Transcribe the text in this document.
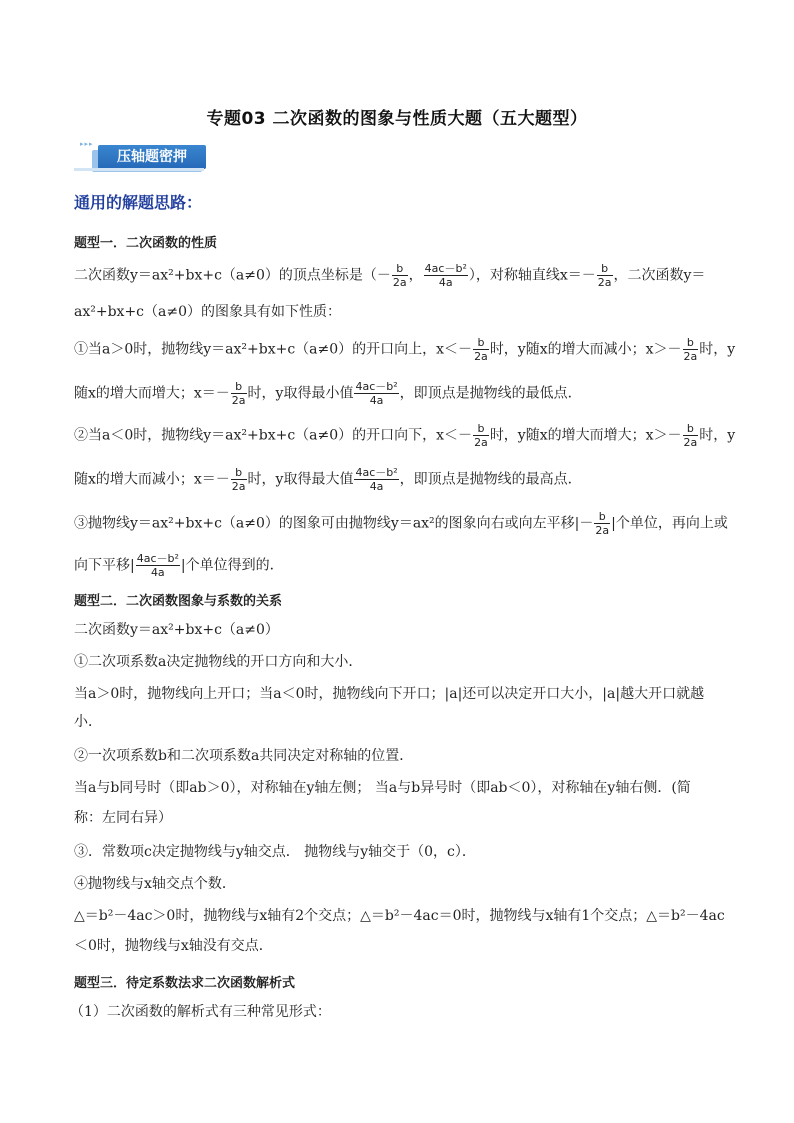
专题03 二次函数的图象与性质大题（五大题型）
▸▸▸
压轴题密押
通用的解题思路：
题型一．二次函数的性质
二次函数y＝ax²+bx+c（a≠0）的顶点坐标是（－ $\frac{b}{2a}$ ， $\frac{\text{4ac－b²}}{4a}$ ），对称轴直线$x=- \frac{b}{2a}$ ，二次函数y＝
ax²+bx+c（a≠0）的图象具有如下性质：
①当a＞0时，抛物线y＝ax²+bx+c（a≠0）的开口向上，$x<- \frac{b}{2a}$ 时，y随x的增大而减小；$x>- \frac{b}{2a}$ 时，y
随x的增大而增大；$x=- \frac{b}{2a}$ 时，y取得最小值 $\frac{\text{4ac－b²}}{4a}$ ，即顶点是抛物线的最低点．
②当a＜0时，抛物线y＝ax²+bx+c（a≠0）的开口向下，$x<- \frac{b}{2a}$ 时，y随x的增大而增大；$x>- \frac{b}{2a}$ 时，y
随x的增大而减小；$x=- \frac{b}{2a}$ 时，y取得最大值 $\frac{\text{4ac－b²}}{4a}$ ，即顶点是抛物线的最高点．
③抛物线y＝ax²+bx+c（a≠0）的图象可由抛物线y＝ax²的图象向右或向左平移|－ $\frac{b}{2a}$ |个单位，再向上或
向下平移| $\frac{\text{4ac－b²}}{4a}$ |个单位得到的．
题型二．二次函数图象与系数的关系
二次函数y＝ax²+bx+c（a≠0）
①二次项系数a决定抛物线的开口方向和大小．
当a＞0时，抛物线向上开口；当a＜0时，抛物线向下开口；|a|还可以决定开口大小，|a|越大开口就越
小．
②一次项系数b和二次项系数a共同决定对称轴的位置．
当a与b同号时（即ab＞0），对称轴在y轴左侧； 当a与b异号时（即ab＜0），对称轴在y轴右侧．(简
称：左同右异）
③．常数项c决定抛物线与y轴交点． 抛物线与y轴交于（0，c）．
④抛物线与x轴交点个数．
△＝b²－4ac＞0时，抛物线与x轴有2个交点；△＝b²－4ac＝0时，抛物线与x轴有1个交点；△＝b²－4ac
＜0时，抛物线与x轴没有交点．
题型三．待定系数法求二次函数解析式
（1）二次函数的解析式有三种常见形式：
